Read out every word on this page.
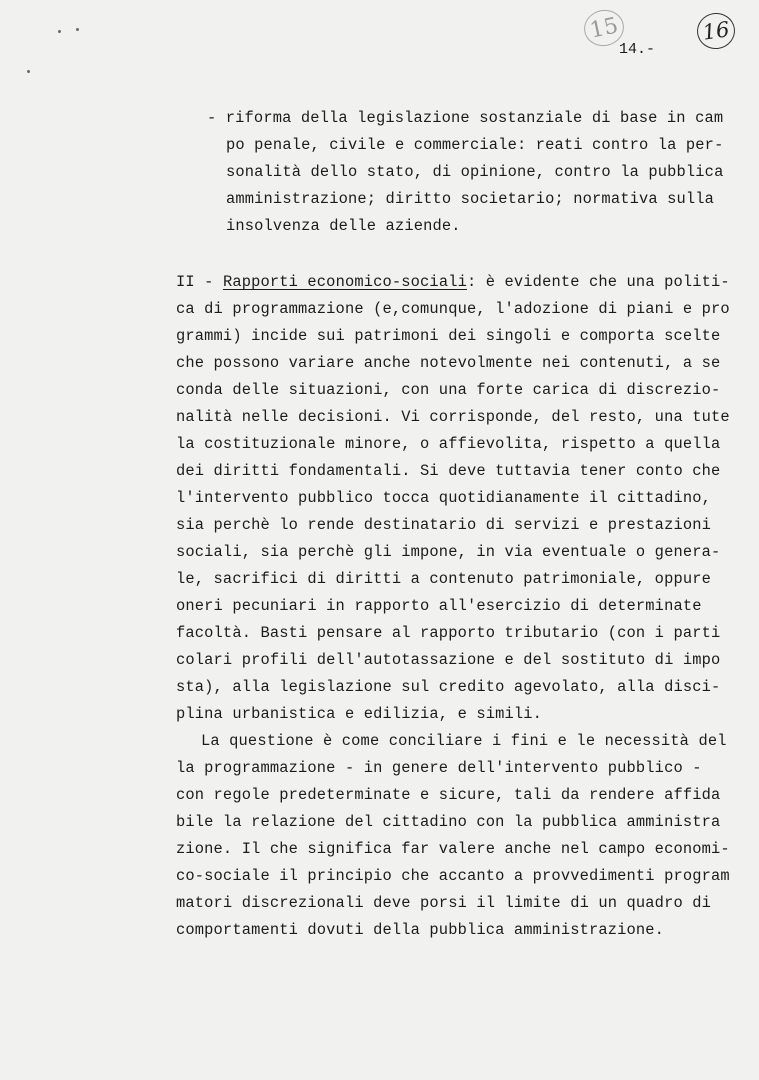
15	16
14.-
- riforma della legislazione sostanziale di base in cam
po penale, civile e commerciale: reati contro la per-
sonalità dello stato, di opinione, contro la pubblica
amministrazione; diritto societario; normativa sulla
insolvenza delle aziende.
II - Rapporti economico-sociali: è evidente che una politi-
ca di programmazione (e,comunque, l'adozione di piani e pro
grammi) incide sui patrimoni dei singoli e comporta scelte
che possono variare anche notevolmente nei contenuti, a se
conda delle situazioni, con una forte carica di discrezio-
nalità nelle decisioni. Vi corrisponde, del resto, una tute
la costituzionale minore, o affievolita, rispetto a quella
dei diritti fondamentali. Si deve tuttavia tener conto che
l'intervento pubblico tocca quotidianamente il cittadino,
sia perchè lo rende destinatario di servizi e prestazioni
sociali, sia perchè gli impone, in via eventuale o genera-
le, sacrifici di diritti a contenuto patrimoniale, oppure
oneri pecuniari in rapporto all'esercizio di determinate
facoltà. Basti pensare al rapporto tributario (con i parti
colari profili dell'autotassazione e del sostituto di impo
sta), alla legislazione sul credito agevolato, alla disci-
plina urbanistica e edilizia, e simili.
La questione è come conciliare i fini e le necessità del
la programmazione - in genere dell'intervento pubblico -
con regole predeterminate e sicure, tali da rendere affida
bile la relazione del cittadino con la pubblica amministra
zione. Il che significa far valere anche nel campo economi-
co-sociale il principio che accanto a provvedimenti program
matori discrezionali deve porsi il limite di un quadro di
comportamenti dovuti della pubblica amministrazione.
